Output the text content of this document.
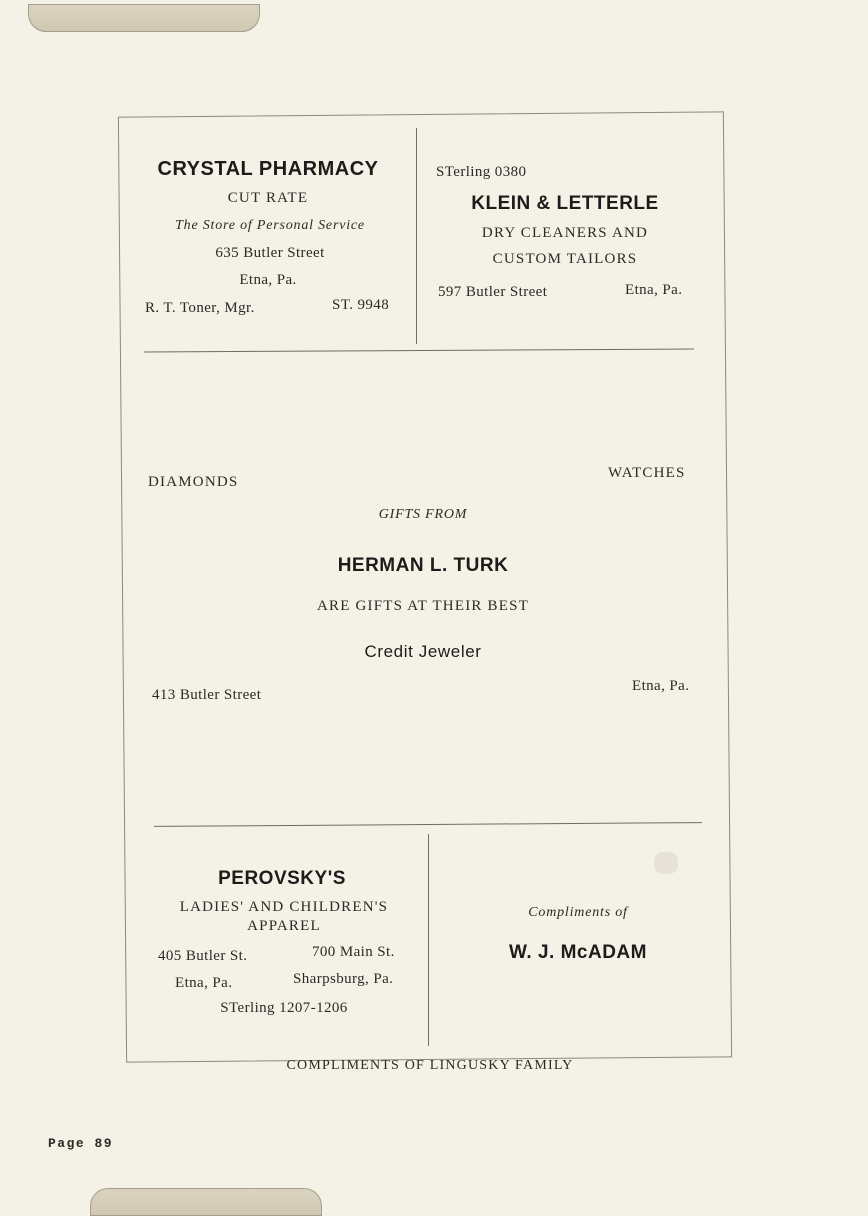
CRYSTAL PHARMACY
CUT RATE
The Store of Personal Service
635 Butler Street
Etna, Pa.
R. T. Toner, Mgr.	ST. 9948
STerling 0380
KLEIN & LETTERLE
DRY CLEANERS AND
CUSTOM TAILORS
597 Butler Street	Etna, Pa.
DIAMONDS
WATCHES
GIFTS FROM
HERMAN L. TURK
ARE GIFTS AT THEIR BEST
Credit Jeweler
413 Butler Street
Etna, Pa.
PEROVSKY'S
LADIES' AND CHILDREN'S
APPAREL
405 Butler St.	700 Main St.
Etna, Pa.	Sharpsburg, Pa.
STerling 1207-1206
Compliments of
W. J. McADAM
COMPLIMENTS OF LINGUSKY FAMILY
Page 89
